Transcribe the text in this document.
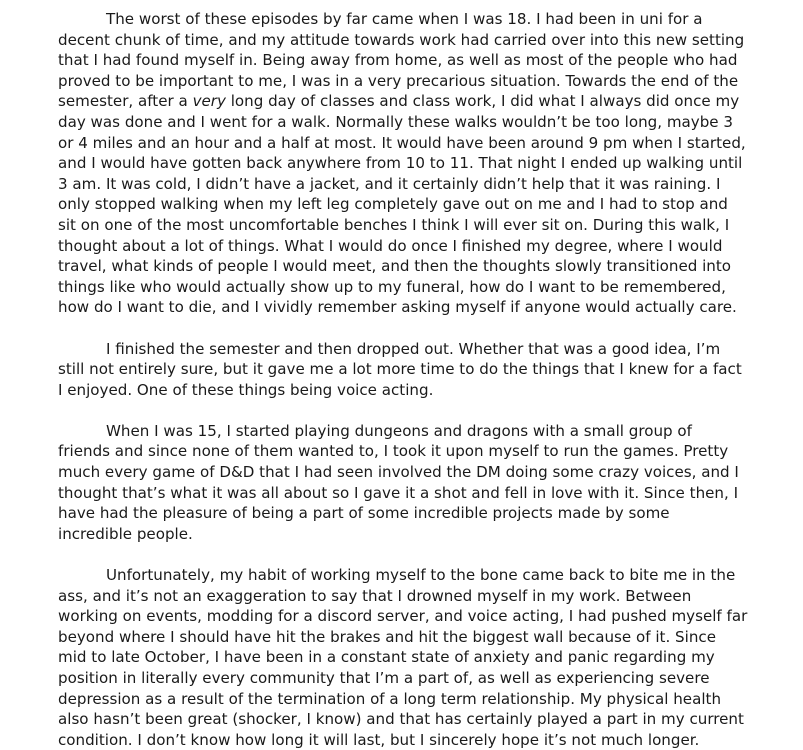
The worst of these episodes by far came when I was 18. I had been in uni for a decent chunk of time, and my attitude towards work had carried over into this new setting that I had found myself in. Being away from home, as well as most of the people who had proved to be important to me, I was in a very precarious situation. Towards the end of the semester, after a very long day of classes and class work, I did what I always did once my day was done and I went for a walk. Normally these walks wouldn’t be too long, maybe 3 or 4 miles and an hour and a half at most. It would have been around 9 pm when I started, and I would have gotten back anywhere from 10 to 11. That night I ended up walking until 3 am. It was cold, I didn’t have a jacket, and it certainly didn’t help that it was raining. I only stopped walking when my left leg completely gave out on me and I had to stop and sit on one of the most uncomfortable benches I think I will ever sit on. During this walk, I thought about a lot of things. What I would do once I finished my degree, where I would travel, what kinds of people I would meet, and then the thoughts slowly transitioned into things like who would actually show up to my funeral, how do I want to be remembered, how do I want to die, and I vividly remember asking myself if anyone would actually care.

I finished the semester and then dropped out. Whether that was a good idea, I’m still not entirely sure, but it gave me a lot more time to do the things that I knew for a fact I enjoyed. One of these things being voice acting.

When I was 15, I started playing dungeons and dragons with a small group of friends and since none of them wanted to, I took it upon myself to run the games. Pretty much every game of D&D that I had seen involved the DM doing some crazy voices, and I thought that’s what it was all about so I gave it a shot and fell in love with it. Since then, I have had the pleasure of being a part of some incredible projects made by some incredible people.

Unfortunately, my habit of working myself to the bone came back to bite me in the ass, and it’s not an exaggeration to say that I drowned myself in my work. Between working on events, modding for a discord server, and voice acting, I had pushed myself far beyond where I should have hit the brakes and hit the biggest wall because of it. Since mid to late October, I have been in a constant state of anxiety and panic regarding my position in literally every community that I’m a part of, as well as experiencing severe depression as a result of the termination of a long term relationship. My physical health also hasn’t been great (shocker, I know) and that has certainly played a part in my current condition. I don’t know how long it will last, but I sincerely hope it’s not much longer.
